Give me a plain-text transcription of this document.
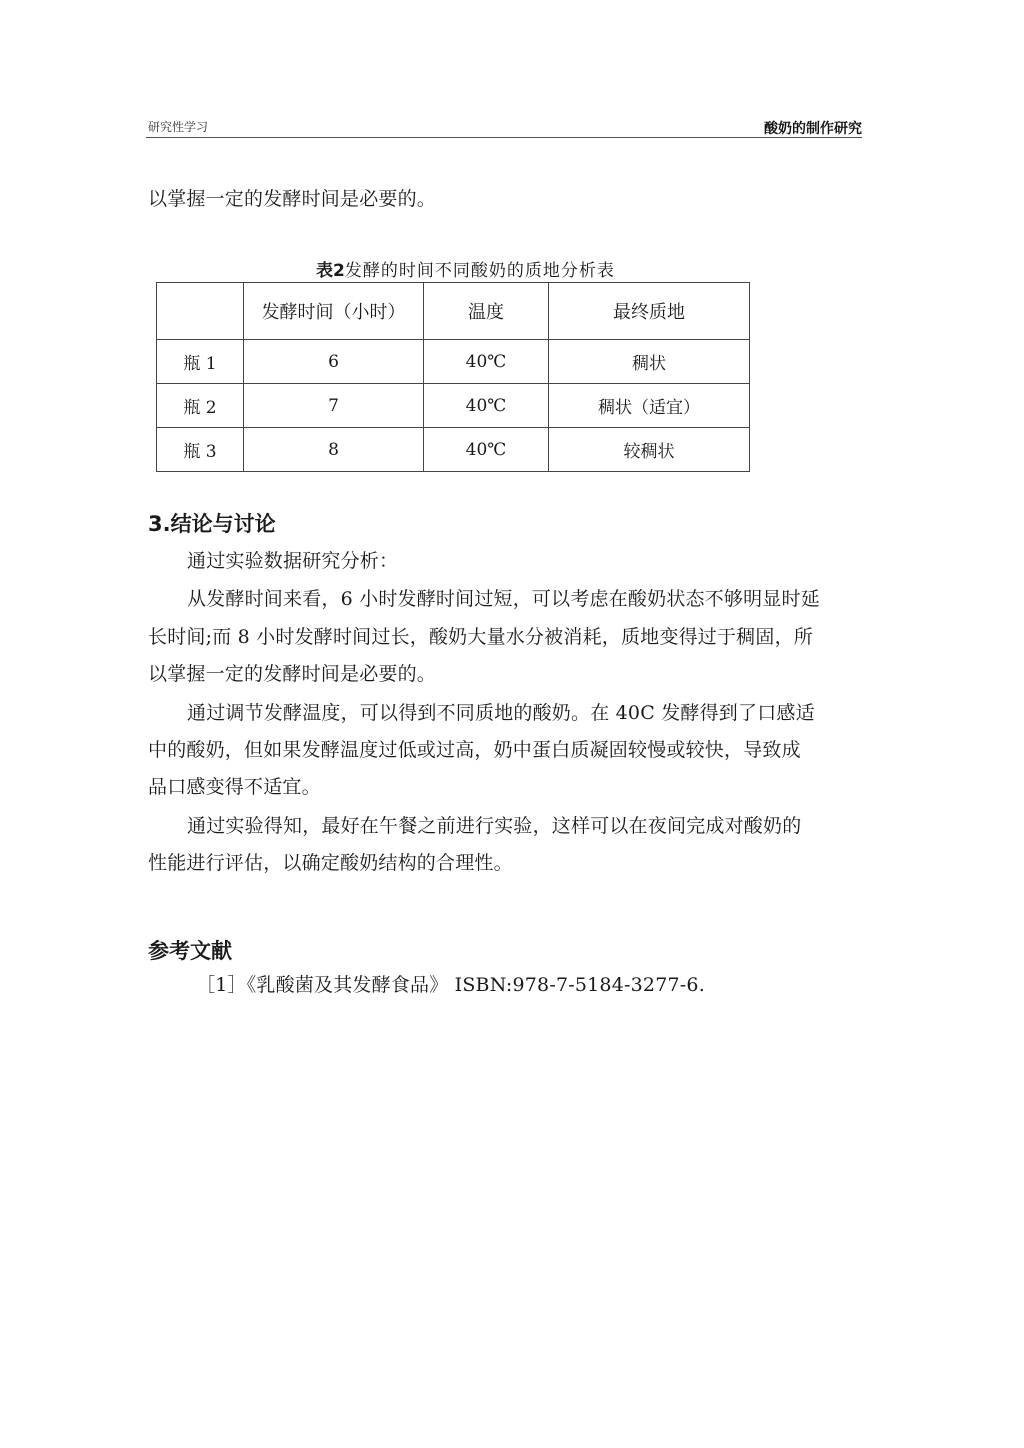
研究性学习	酸奶的制作研究
以掌握一定的发酵时间是必要的。
表2发酵的时间不同酸奶的质地分析表
	发酵时间（小时）	温度	最终质地
瓶 1	6	40℃	稠状
瓶 2	7	40℃	稠状（适宜）
瓶 3	8	40℃	较稠状
3.结论与讨论
通过实验数据研究分析：
从发酵时间来看，6 小时发酵时间过短，可以考虑在酸奶状态不够明显时延
长时间;而 8 小时发酵时间过长，酸奶大量水分被消耗，质地变得过于稠固，所
以掌握一定的发酵时间是必要的。
通过调节发酵温度，可以得到不同质地的酸奶。在 40C 发酵得到了口感适
中的酸奶，但如果发酵温度过低或过高，奶中蛋白质凝固较慢或较快，导致成
品口感变得不适宜。
通过实验得知，最好在午餐之前进行实验，这样可以在夜间完成对酸奶的
性能进行评估，以确定酸奶结构的合理性。
参考文献
［1］《乳酸菌及其发酵食品》 ISBN:978-7-5184-3277-6.
